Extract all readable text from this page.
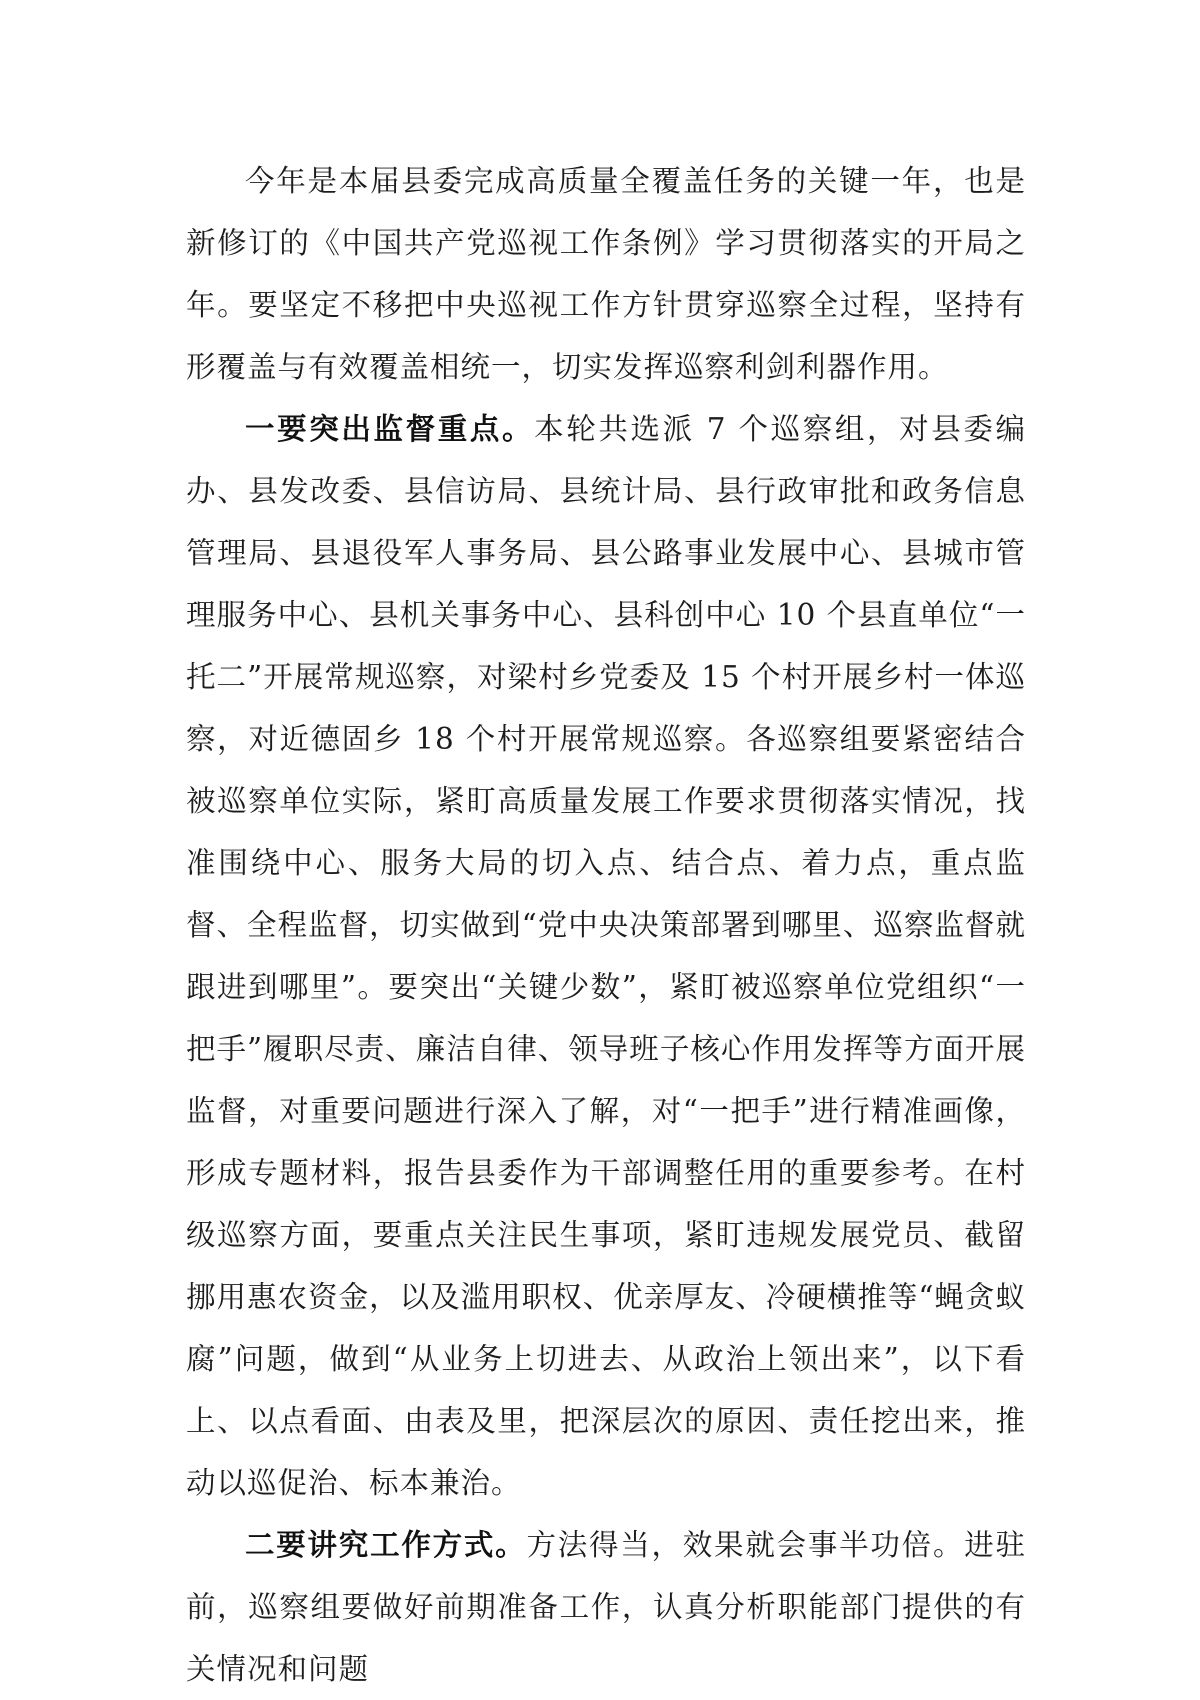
今年是本届县委完成高质量全覆盖任务的关键一年，也是新修订的《中国共产党巡视工作条例》学习贯彻落实的开局之年。要坚定不移把中央巡视工作方针贯穿巡察全过程，坚持有形覆盖与有效覆盖相统一，切实发挥巡察利剑利器作用。

一要突出监督重点。本轮共选派 7 个巡察组，对县委编办、县发改委、县信访局、县统计局、县行政审批和政务信息管理局、县退役军人事务局、县公路事业发展中心、县城市管理服务中心、县机关事务中心、县科创中心 10 个县直单位“一托二”开展常规巡察，对梁村乡党委及 15 个村开展乡村一体巡察，对近德固乡 18 个村开展常规巡察。各巡察组要紧密结合被巡察单位实际，紧盯高质量发展工作要求贯彻落实情况，找准围绕中心、服务大局的切入点、结合点、着力点，重点监督、全程监督，切实做到“党中央决策部署到哪里、巡察监督就跟进到哪里”。要突出“关键少数”，紧盯被巡察单位党组织“一把手”履职尽责、廉洁自律、领导班子核心作用发挥等方面开展监督，对重要问题进行深入了解，对“一把手”进行精准画像，形成专题材料，报告县委作为干部调整任用的重要参考。在村级巡察方面，要重点关注民生事项，紧盯违规发展党员、截留挪用惠农资金，以及滥用职权、优亲厚友、冷硬横推等“蝇贪蚁腐”问题，做到“从业务上切进去、从政治上领出来”，以下看上、以点看面、由表及里，把深层次的原因、责任挖出来，推动以巡促治、标本兼治。

二要讲究工作方式。方法得当，效果就会事半功倍。进驻前，巡察组要做好前期准备工作，认真分析职能部门提供的有关情况和问题
